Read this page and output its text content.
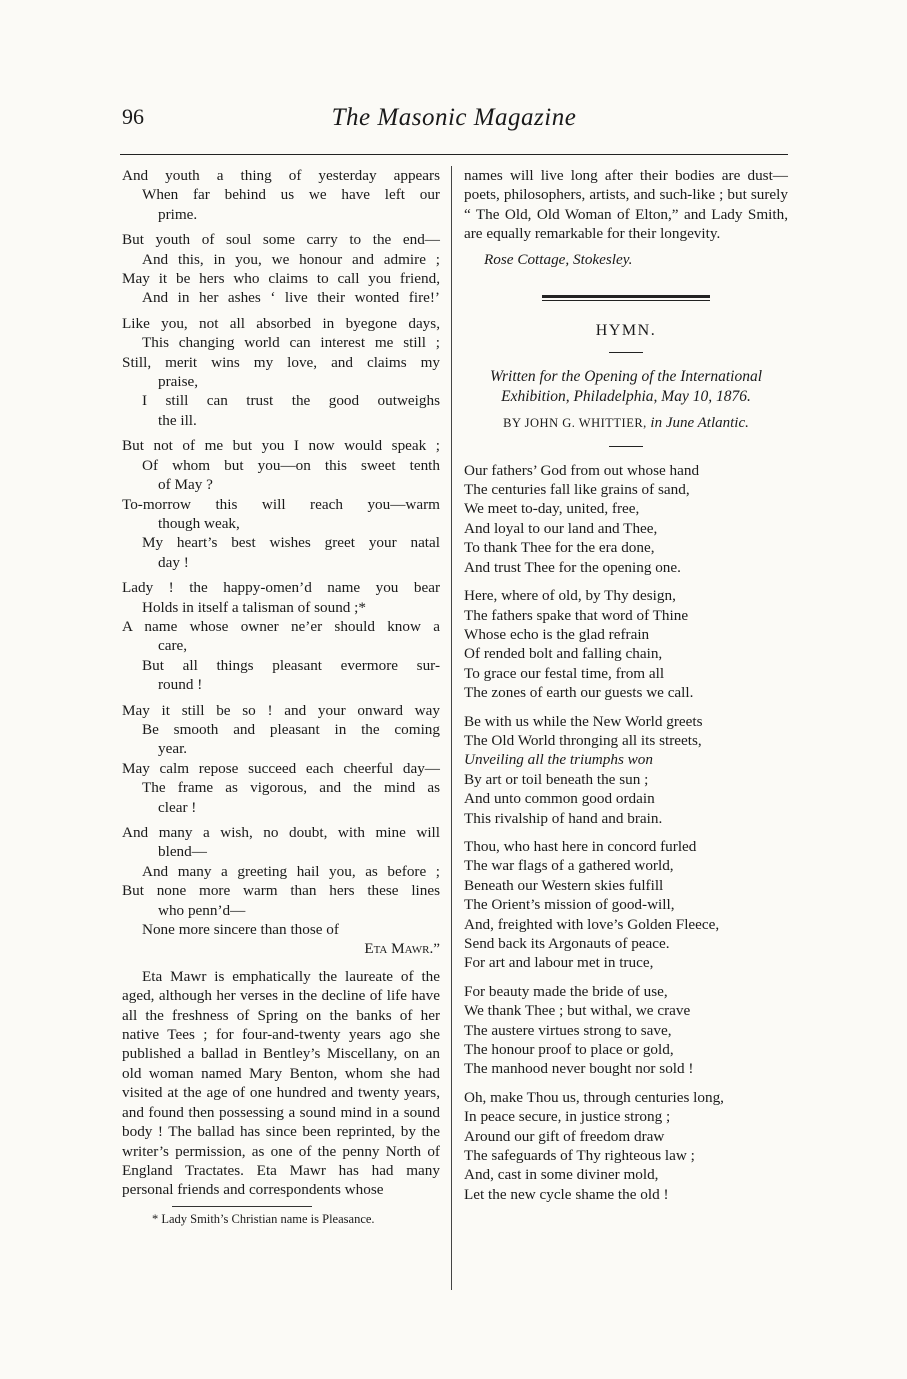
96	The Masonic Magazine
And youth a thing of yesterday appears
When far behind us we have left our
prime.
But youth of soul some carry to the end—
And this, in you, we honour and admire ;
May it be hers who claims to call you friend,
And in her ashes ‘ live their wonted fire!’
Like you, not all absorbed in byegone days,
This changing world can interest me still ;
Still, merit wins my love, and claims my
praise,
I still can trust the good outweighs
the ill.
But not of me but you I now would speak ;
Of whom but you—on this sweet tenth
of May ?
To-morrow this will reach you—warm
though weak,
My heart’s best wishes greet your natal
day !
Lady ! the happy-omen’d name you bear
Holds in itself a talisman of sound ;*
A name whose owner ne’er should know a
care,
But all things pleasant evermore sur-
round !
May it still be so ! and your onward way
Be smooth and pleasant in the coming
year.
May calm repose succeed each cheerful day—
The frame as vigorous, and the mind as
clear !
And many a wish, no doubt, with mine will
blend—
And many a greeting hail you, as before ;
But none more warm than hers these lines
who penn’d—
None more sincere than those of
Eta Mawr.”

Eta Mawr is emphatically the laureate of the aged, although her verses in the decline of life have all the freshness of Spring on the banks of her native Tees ; for four-and-twenty years ago she published a ballad in Bentley’s Miscellany, on an old woman named Mary Benton, whom she had visited at the age of one hundred and twenty years, and found then possessing a sound mind in a sound body ! The ballad has since been reprinted, by the writer’s permission, as one of the penny North of England Tractates. Eta Mawr has had many personal friends and correspondents whose

* Lady Smith’s Christian name is Pleasance.

names will live long after their bodies are dust—poets, philosophers, artists, and such-like ; but surely “ The Old, Old Woman of Elton,” and Lady Smith, are equally remarkable for their longevity.

Rose Cottage, Stokesley.

HYMN.

Written for the Opening of the International

Exhibition, Philadelphia, May 10, 1876.

BY JOHN G. WHITTIER, in June Atlantic.

Our fathers’ God from out whose hand
The centuries fall like grains of sand,
We meet to-day, united, free,
And loyal to our land and Thee,
To thank Thee for the era done,
And trust Thee for the opening one.
Here, where of old, by Thy design,
The fathers spake that word of Thine
Whose echo is the glad refrain
Of rended bolt and falling chain,
To grace our festal time, from all
The zones of earth our guests we call.
Be with us while the New World greets
The Old World thronging all its streets,
Unveiling all the triumphs won
By art or toil beneath the sun ;
And unto common good ordain
This rivalship of hand and brain.
Thou, who hast here in concord furled
The war flags of a gathered world,
Beneath our Western skies fulfill
The Orient’s mission of good-will,
And, freighted with love’s Golden Fleece,
Send back its Argonauts of peace.
For art and labour met in truce,
For beauty made the bride of use,
We thank Thee ; but withal, we crave
The austere virtues strong to save,
The honour proof to place or gold,
The manhood never bought nor sold !
Oh, make Thou us, through centuries long,
In peace secure, in justice strong ;
Around our gift of freedom draw
The safeguards of Thy righteous law ;
And, cast in some diviner mold,
Let the new cycle shame the old !
